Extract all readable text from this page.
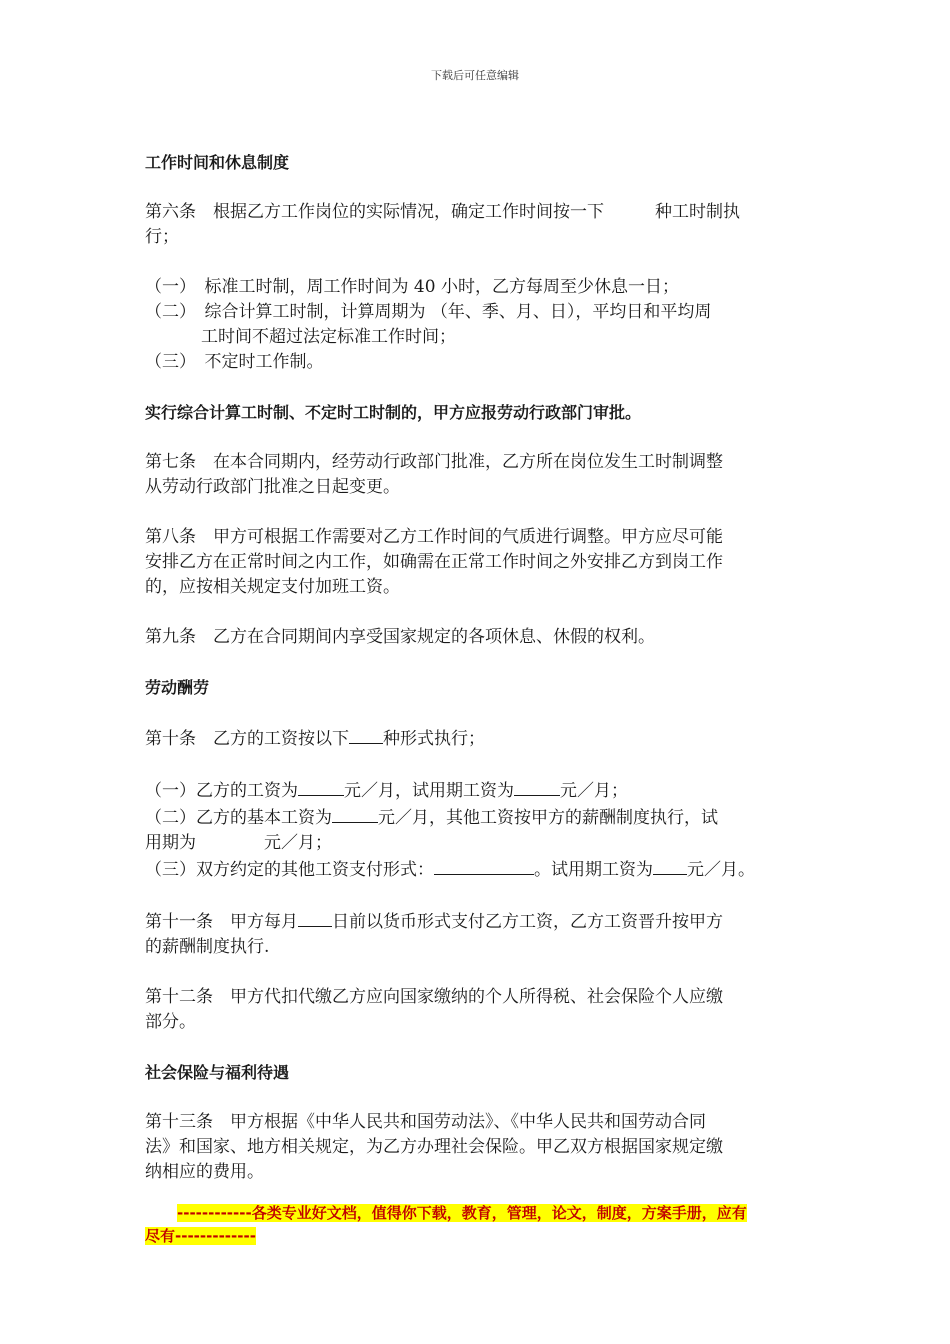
下载后可任意编辑

工作时间和休息制度

第六条　根据乙方工作岗位的实际情况，确定工作时间按一下　　　种工时制执

行；

（一）　标准工时制，周工作时间为 40 小时，乙方每周至少休息一日；

（二）　综合计算工时制，计算周期为 （年、季、月、日），平均日和平均周

工时间不超过法定标准工作时间；

（三）　不定时工作制。

实行综合计算工时制、不定时工时制的，甲方应报劳动行政部门审批。

第七条　在本合同期内，经劳动行政部门批准，乙方所在岗位发生工时制调整

从劳动行政部门批准之日起变更。

第八条　甲方可根据工作需要对乙方工作时间的气质进行调整。甲方应尽可能

安排乙方在正常时间之内工作，如确需在正常工作时间之外安排乙方到岗工作

的，应按相关规定支付加班工资。

第九条　乙方在合同期间内享受国家规定的各项休息、休假的权利。

劳动酬劳

第十条　乙方的工资按以下 种形式执行；

（一）乙方的工资为	元／月，试用期工资为	元／月；

（二）乙方的基本工资为	元／月，其他工资按甲方的薪酬制度执行，试

用期为　　　　元／月；

（三）双方约定的其他工资支付形式：	。试用期工资为 元／月。

第十一条　甲方每月 日前以货币形式支付乙方工资，乙方工资晋升按甲方

的薪酬制度执行.

第十二条　甲方代扣代缴乙方应向国家缴纳的个人所得税、社会保险个人应缴

部分。

社会保险与福利待遇

第十三条　甲方根据《中华人民共和国劳动法》、《中华人民共和国劳动合同

法》和国家、地方相关规定，为乙方办理社会保险。甲乙双方根据国家规定缴

纳相应的费用。

------------各类专业好文档，值得你下载，教育，管理，论文，制度，方案手册，应有
尽有-------------
